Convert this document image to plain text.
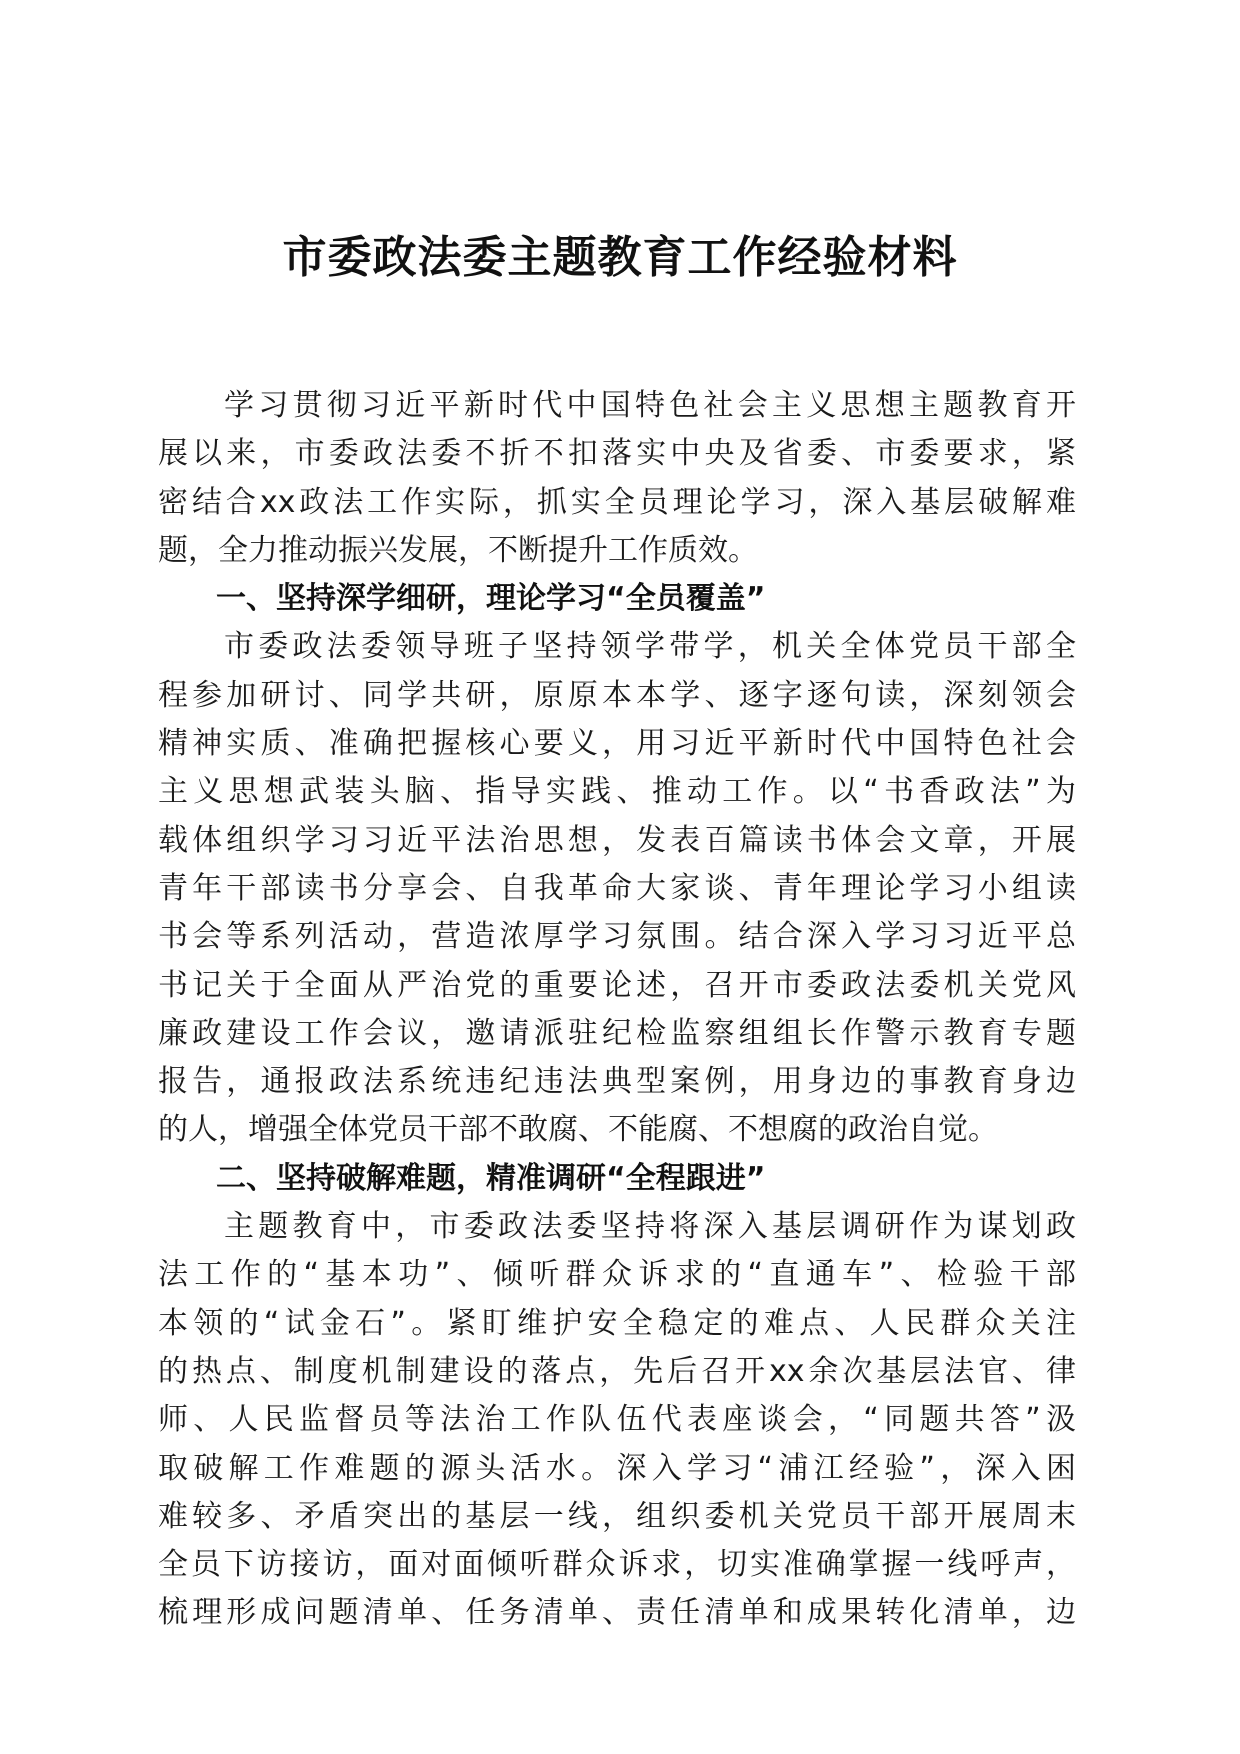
市委政法委主题教育工作经验材料
学习贯彻习近平新时代中国特色社会主义思想主题教育开
展以来，市委政法委不折不扣落实中央及省委、市委要求，紧
密结合xx政法工作实际，抓实全员理论学习，深入基层破解难
题，全力推动振兴发展，不断提升工作质效。
一、坚持深学细研，理论学习“全员覆盖”
市委政法委领导班子坚持领学带学，机关全体党员干部全
程参加研讨、同学共研，原原本本学、逐字逐句读，深刻领会
精神实质、准确把握核心要义，用习近平新时代中国特色社会
主义思想武装头脑、指导实践、推动工作。以“书香政法”为
载体组织学习习近平法治思想，发表百篇读书体会文章，开展
青年干部读书分享会、自我革命大家谈、青年理论学习小组读
书会等系列活动，营造浓厚学习氛围。结合深入学习习近平总
书记关于全面从严治党的重要论述，召开市委政法委机关党风
廉政建设工作会议，邀请派驻纪检监察组组长作警示教育专题
报告，通报政法系统违纪违法典型案例，用身边的事教育身边
的人，增强全体党员干部不敢腐、不能腐、不想腐的政治自觉。
二、坚持破解难题，精准调研“全程跟进”
主题教育中，市委政法委坚持将深入基层调研作为谋划政
法工作的“基本功”、倾听群众诉求的“直通车”、检验干部
本领的“试金石”。紧盯维护安全稳定的难点、人民群众关注
的热点、制度机制建设的落点，先后召开xx余次基层法官、律
师、人民监督员等法治工作队伍代表座谈会，“同题共答”汲
取破解工作难题的源头活水。深入学习“浦江经验”，深入困
难较多、矛盾突出的基层一线，组织委机关党员干部开展周末
全员下访接访，面对面倾听群众诉求，切实准确掌握一线呼声，
梳理形成问题清单、任务清单、责任清单和成果转化清单，边
